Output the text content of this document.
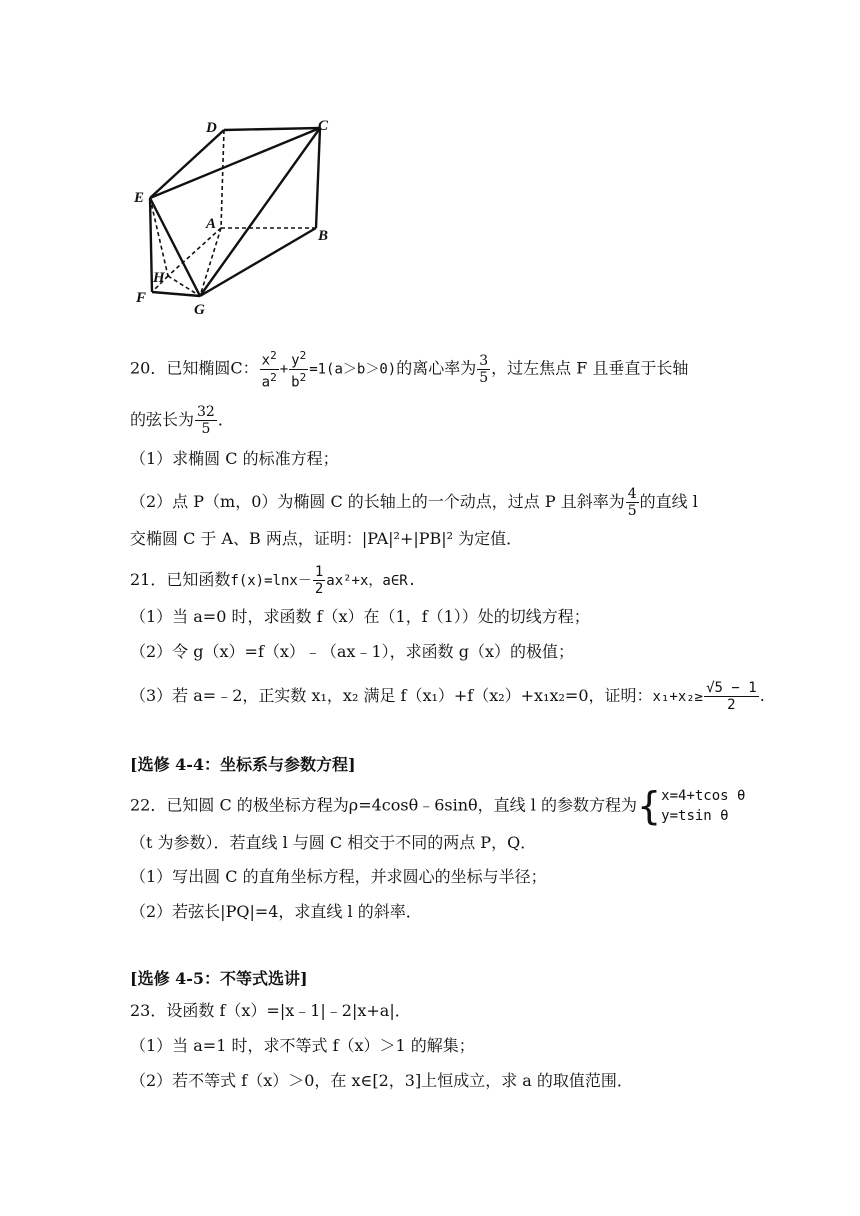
D	C
E
A
B
H
F
G
20．已知椭圆C： $\frac{x^2}{a^2} + \frac{y^2}{b^2} =1(a>b>0)$的离心率为 $\frac{3}{5}$ ，过左焦点 F 且垂直于长轴
的弦长为 $\frac{32}{5}$ ．
（1）求椭圆 C 的标准方程；
（2）点 P（m，0）为椭圆 C 的长轴上的一个动点，过点 P 且斜率为 $\frac{4}{5}$ 的直线 l
交椭圆 C 于 A、B 两点，证明：|PA|²+|PB|² 为定值．
21．已知函数$f(x)=\ln x- \frac{1}{2} ax^2+x$，a∈R.
（1）当 a=0 时，求函数 f（x）在（1，f（1））处的切线方程；
（2）令 g（x）=f（x）﹣（ax﹣1），求函数 g（x）的极值；
（3）若 a=﹣2，正实数 x₁，x₂ 满足 f（x₁）+f（x₂）+x₁x₂=0，证明：$x_1+x_2\ge \frac{√5 - 1}{2}$ .
[选修 4-4：坐标系与参数方程]
22．已知圆 C 的极坐标方程为ρ=4cosθ﹣6sinθ，直线 l 的参数方程为{ x=4+tcos θ
y=tsin θ
（t 为参数）．若直线 l 与圆 C 相交于不同的两点 P，Q．
（1）写出圆 C 的直角坐标方程，并求圆心的坐标与半径；
（2）若弦长|PQ|=4，求直线 l 的斜率．
[选修 4-5：不等式选讲]
23．设函数 f（x）=|x﹣1|﹣2|x+a|．
（1）当 a=1 时，求不等式 f（x）＞1 的解集；
（2）若不等式 f（x）＞0，在 x∈[2，3]上恒成立，求 a 的取值范围．
